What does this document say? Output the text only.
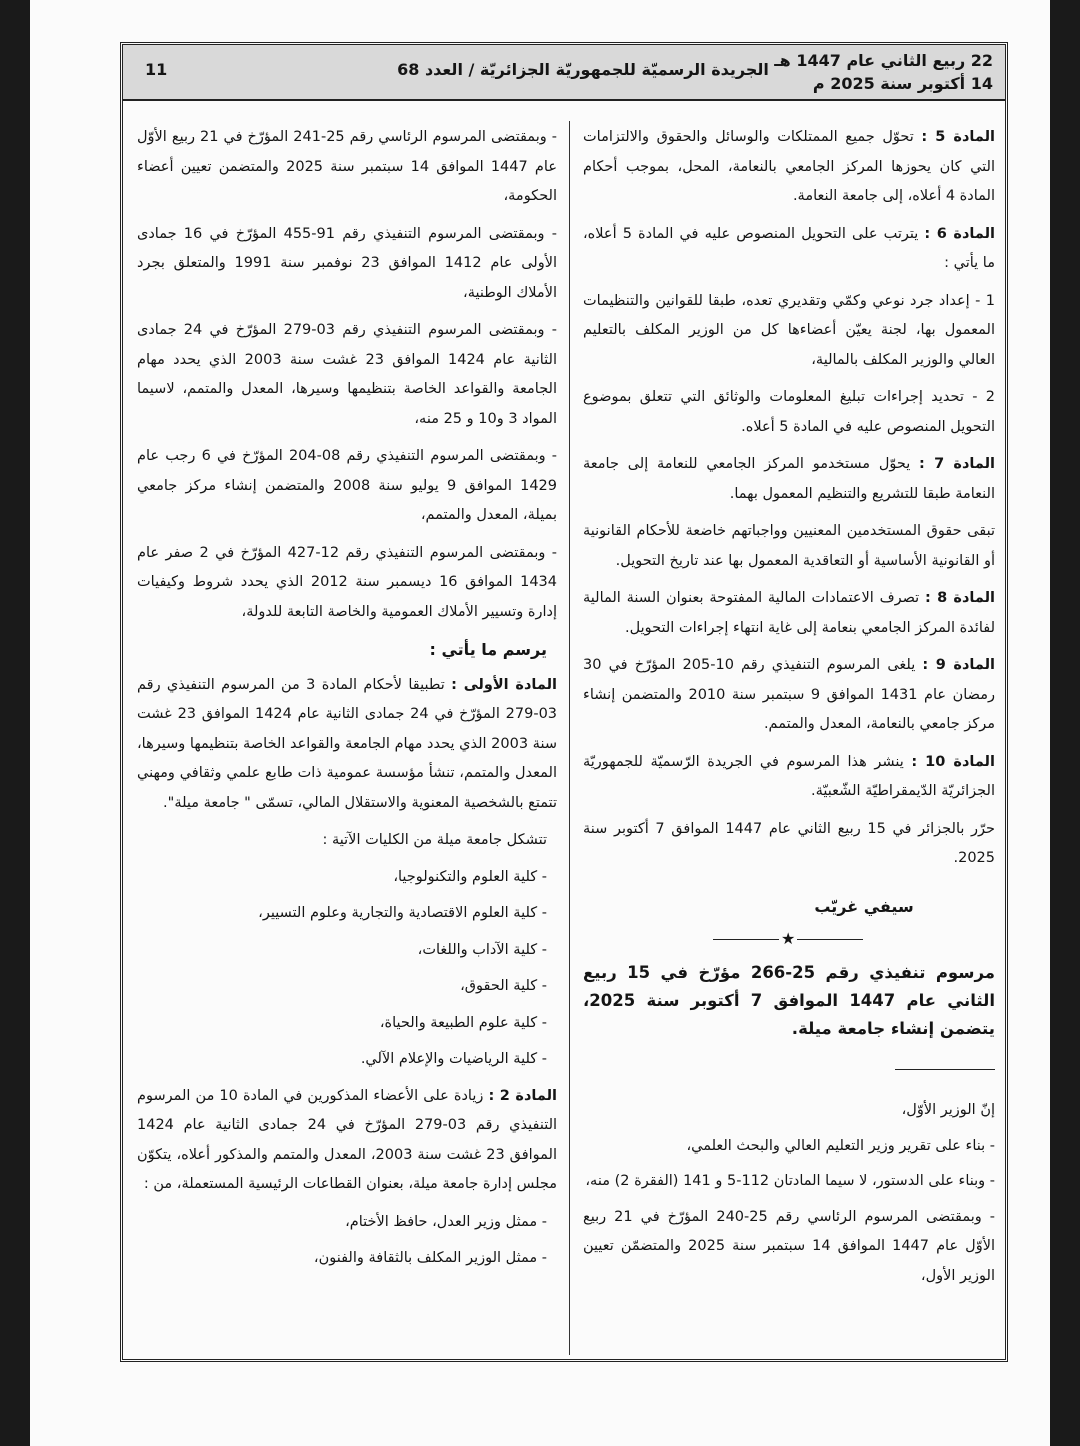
22 ربيع الثاني عام 1447 هـ
14 أكتوبر سنة 2025 م
الجريدة الرسميّة للجمهوريّة الجزائريّة / العدد 68
11
المادة 5 : تحوّل جميع الممتلكات والوسائل والحقوق والالتزامات التي كان يحوزها المركز الجامعي بالنعامة، المحل، بموجب أحكام المادة 4 أعلاه، إلى جامعة النعامة.
المادة 6 : يترتب على التحويل المنصوص عليه في المادة 5 أعلاه، ما يأتي :
1 - إعداد جرد نوعي وكمّي وتقديري تعده، طبقا للقوانين والتنظيمات المعمول بها، لجنة يعيّن أعضاءها كل من الوزير المكلف بالتعليم العالي والوزير المكلف بالمالية،
2 - تحديد إجراءات تبليغ المعلومات والوثائق التي تتعلق بموضوع التحويل المنصوص عليه في المادة 5 أعلاه.
المادة 7 : يحوّل مستخدمو المركز الجامعي للنعامة إلى جامعة النعامة طبقا للتشريع والتنظيم المعمول بهما.
تبقى حقوق المستخدمين المعنيين وواجباتهم خاضعة للأحكام القانونية أو القانونية الأساسية أو التعاقدية المعمول بها عند تاريخ التحويل.
المادة 8 : تصرف الاعتمادات المالية المفتوحة بعنوان السنة المالية لفائدة المركز الجامعي بنعامة إلى غاية انتهاء إجراءات التحويل.
المادة 9 : يلغى المرسوم التنفيذي رقم 10-205 المؤرّخ في 30 رمضان عام 1431 الموافق 9 سبتمبر سنة 2010 والمتضمن إنشاء مركز جامعي بالنعامة، المعدل والمتمم.
المادة 10 : ينشر هذا المرسوم في الجريدة الرّسميّة للجمهوريّة الجزائريّة الدّيمقراطيّة الشّعبيّة.
حرّر بالجزائر في 15 ربيع الثاني عام 1447 الموافق 7 أكتوبر سنة 2025.
سيفي غريّب
★
مرسوم تنفيذي رقم 25-266 مؤرّخ في 15 ربيع الثاني عام 1447 الموافق 7 أكتوبر سنة 2025، يتضمن إنشاء جامعة ميلة.
إنّ الوزير الأوّل،
- بناء على تقرير وزير التعليم العالي والبحث العلمي،
- وبناء على الدستور، لا سيما المادتان 112-5 و 141 (الفقرة 2) منه،
- وبمقتضى المرسوم الرئاسي رقم 25-240 المؤرّخ في 21 ربيع الأوّل عام 1447 الموافق 14 سبتمبر سنة 2025 والمتضمّن تعيين الوزير الأول،
- وبمقتضى المرسوم الرئاسي رقم 25-241 المؤرّخ في 21 ربيع الأوّل عام 1447 الموافق 14 سبتمبر سنة 2025 والمتضمن تعيين أعضاء الحكومة،
- وبمقتضى المرسوم التنفيذي رقم 91-455 المؤرّخ في 16 جمادى الأولى عام 1412 الموافق 23 نوفمبر سنة 1991 والمتعلق بجرد الأملاك الوطنية،
- وبمقتضى المرسوم التنفيذي رقم 03-279 المؤرّخ في 24 جمادى الثانية عام 1424 الموافق 23 غشت سنة 2003 الذي يحدد مهام الجامعة والقواعد الخاصة بتنظيمها وسيرها، المعدل والمتمم، لاسيما المواد 3 و10 و 25 منه،
- وبمقتضى المرسوم التنفيذي رقم 08-204 المؤرّخ في 6 رجب عام 1429 الموافق 9 يوليو سنة 2008 والمتضمن إنشاء مركز جامعي بميلة، المعدل والمتمم،
- وبمقتضى المرسوم التنفيذي رقم 12-427 المؤرّخ في 2 صفر عام 1434 الموافق 16 ديسمبر سنة 2012 الذي يحدد شروط وكيفيات إدارة وتسيير الأملاك العمومية والخاصة التابعة للدولة،
يرسم ما يأتي :
المادة الأولى : تطبيقا لأحكام المادة 3 من المرسوم التنفيذي رقم 03-279 المؤرّخ في 24 جمادى الثانية عام 1424 الموافق 23 غشت سنة 2003 الذي يحدد مهام الجامعة والقواعد الخاصة بتنظيمها وسيرها، المعدل والمتمم، تنشأ مؤسسة عمومية ذات طابع علمي وثقافي ومهني تتمتع بالشخصية المعنوية والاستقلال المالي، تسمّى " جامعة ميلة".
تتشكل جامعة ميلة من الكليات الآتية :
- كلية العلوم والتكنولوجيا،
- كلية العلوم الاقتصادية والتجارية وعلوم التسيير،
- كلية الآداب واللغات،
- كلية الحقوق،
- كلية علوم الطبيعة والحياة،
- كلية الرياضيات والإعلام الآلي.
المادة 2 : زيادة على الأعضاء المذكورين في المادة 10 من المرسوم التنفيذي رقم 03-279 المؤرّخ في 24 جمادى الثانية عام 1424 الموافق 23 غشت سنة 2003، المعدل والمتمم والمذكور أعلاه، يتكوّن مجلس إدارة جامعة ميلة، بعنوان القطاعات الرئيسية المستعملة، من :
- ممثل وزير العدل، حافظ الأختام،
- ممثل الوزير المكلف بالثقافة والفنون،
